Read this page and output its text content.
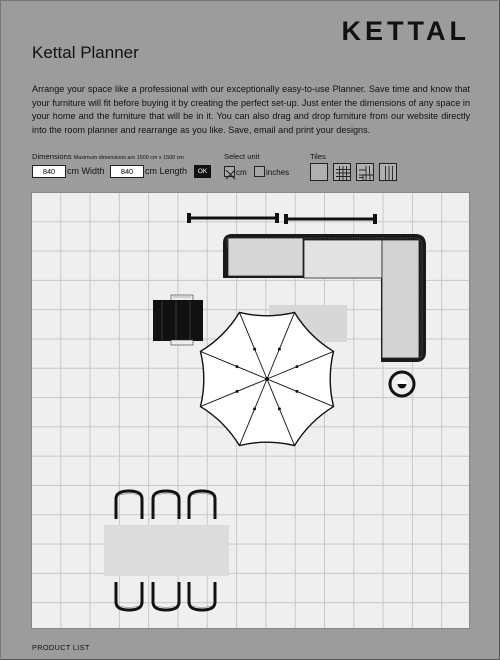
KETTAL
Kettal Planner
Arrange your space like a professional with our exceptionally easy-to-use Planner. Save time and know that your furniture will fit before buying it by creating the perfect set-up. Just enter the dimensions of any space in your home and the furniture that will be in it. You can also drag and drop furniture from our website directly into the room planner and rearrange as you like. Save, email and print your designs.
Dimensions Maximum dimensions are 1500 cm x 1500 cm
840
cm Width
840	cm Length	OK
Select unit
cm inches
Tiles
PRODUCT LIST
